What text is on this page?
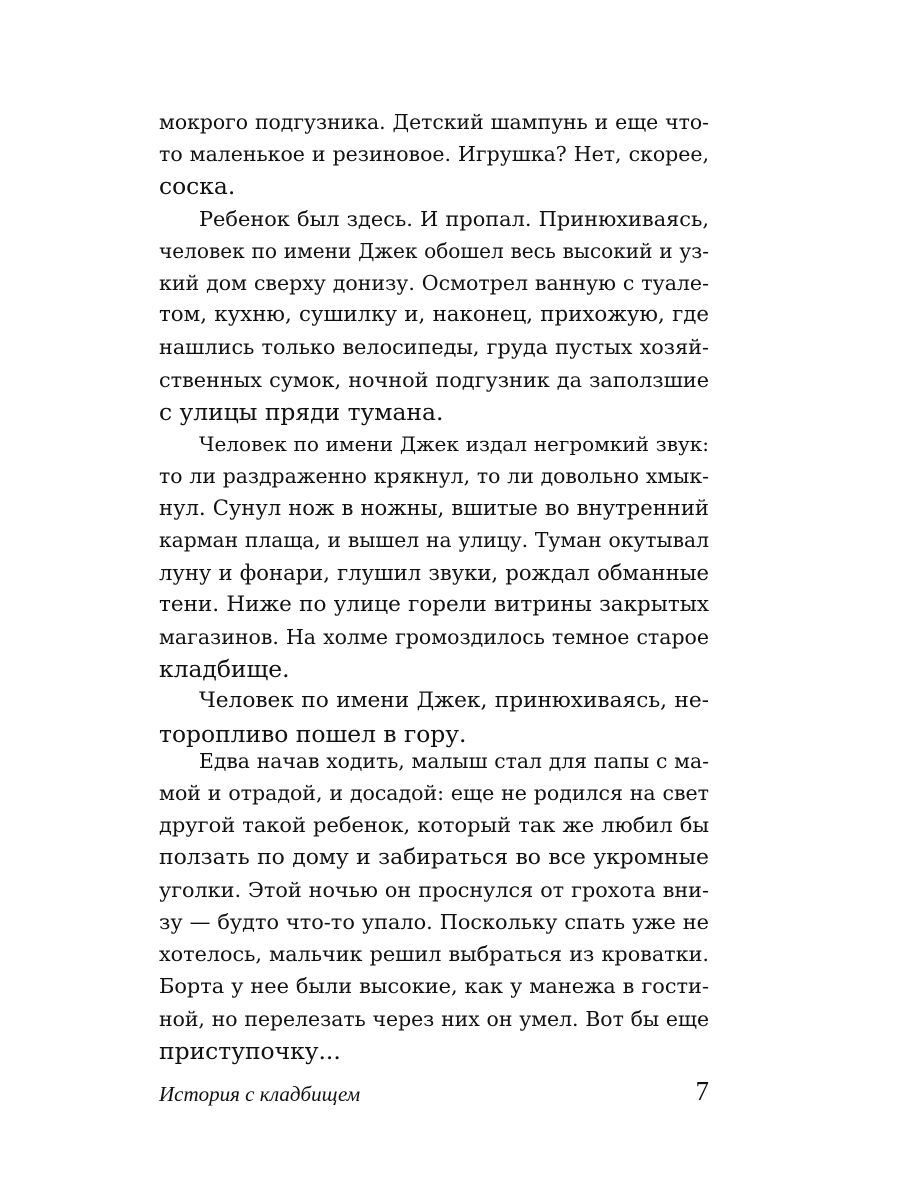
мокрого подгузника. Детский шампунь и еще что-
то маленькое и резиновое. Игрушка? Нет, скорее,
соска.
Ребенок был здесь. И пропал. Принюхиваясь,
человек по имени Джек обошел весь высокий и уз-
кий дом сверху донизу. Осмотрел ванную с туале-
том, кухню, сушилку и, наконец, прихожую, где
нашлись только велосипеды, груда пустых хозяй-
ственных сумок, ночной подгузник да заползшие
с улицы пряди тумана.
Человек по имени Джек издал негромкий звук:
то ли раздраженно крякнул, то ли довольно хмык-
нул. Сунул нож в ножны, вшитые во внутренний
карман плаща, и вышел на улицу. Туман окутывал
луну и фонари, глушил звуки, рождал обманные
тени. Ниже по улице горели витрины закрытых
магазинов. На холме громоздилось темное старое
кладбище.
Человек по имени Джек, принюхиваясь, не-
торопливо пошел в гору.
Едва начав ходить, малыш стал для папы с ма-
мой и отрадой, и досадой: еще не родился на свет
другой такой ребенок, который так же любил бы
ползать по дому и забираться во все укромные
уголки. Этой ночью он проснулся от грохота вни-
зу — будто что-то упало. Поскольку спать уже не
хотелось, мальчик решил выбраться из кроватки.
Борта у нее были высокие, как у манежа в гости-
ной, но перелезать через них он умел. Вот бы еще
приступочку...
История с кладбищем	7
